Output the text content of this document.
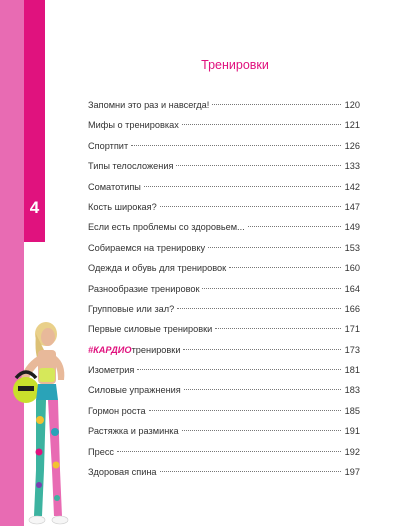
4
Тренировки
Запомни это раз и навсегда!	120
Мифы о тренировках	121
Спортпит	126
Типы телосложения	133
Соматотипы	142
Кость широкая?	147
Если есть проблемы со здоровьем...	149
Собираемся на тренировку	153
Одежда и обувь для тренировок	160
Разнообразие тренировок	164
Групповые или зал?	166
Первые силовые тренировки	171
#КАРДИОтренировки	173
Изометрия	181
Силовые упражнения	183
Гормон роста	185
Растяжка и разминка	191
Пресс	192
Здоровая спина	197
